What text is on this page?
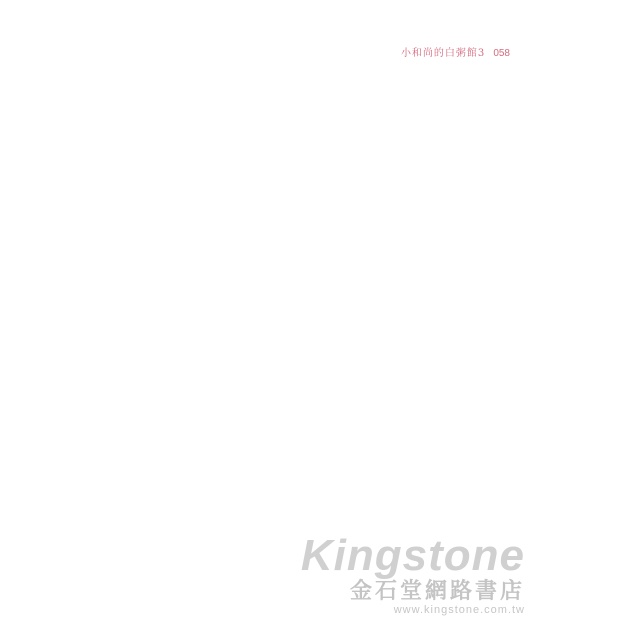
小和尚的白粥館3 058
Kingstone
金石堂網路書店
www.kingstone.com.tw
